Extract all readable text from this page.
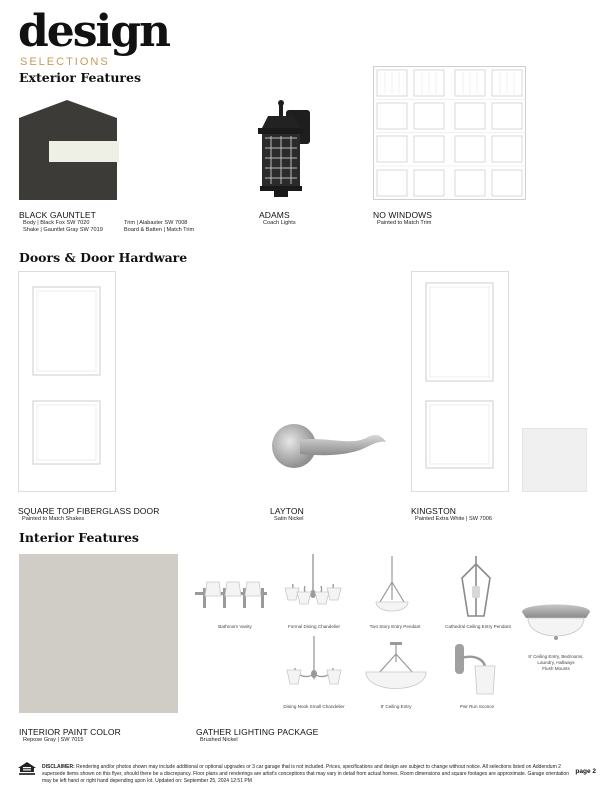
design
SELECTIONS
Exterior Features
BLACK GAUNTLET
Body | Black Fox SW 7020
Shake | Gauntlet Gray SW 7019
Trim | Alabaster SW 7008
Board & Batten | Match Trim
ADAMS
Coach Lights
NO WINDOWS
Painted to Match Trim
Doors & Door Hardware
SQUARE TOP FIBERGLASS DOOR
Painted to Match Shakes
LAYTON
Satin Nickel
KINGSTON
Painted Extra White | SW 7006
Interior Features
INTERIOR PAINT COLOR
Repose Gray | SW 7015
Bathroom Vanity	Formal Dining Chandelier	Two Story Entry Pendant	Cathedral Ceiling Entry Pendant
8' Ceiling Entry, Bedrooms,
Laundry, Hallways
Flush Mounts
Dining Nook Small Chandelier	9' Ceiling Entry	Pwr Run Sconce
GATHER LIGHTING PACKAGE
Brushed Nickel
DISCLAIMER: Rendering and/or photos shown may include additional or optional upgrades or 3 car garage that is not included. Prices, specifications and design are subject to change without notice. All selections listed on Addendum 2 supersede items shown on this flyer, should there be a discrepancy. Floor plans and renderings are artist's conceptions that may vary in detail from actual homes. Room dimensions and square footages are approximate. Garage orientation may be left hand or right hand depending upon lot. Updated on: September 25, 2024 12:51 PM
page 2
